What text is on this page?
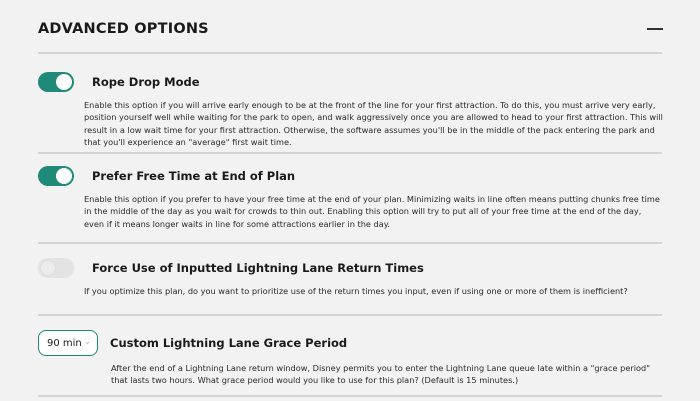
ADVANCED OPTIONS
Rope Drop Mode
Enable this option if you will arrive early enough to be at the front of the line for your first attraction. To do this, you must arrive very early, position yourself well while waiting for the park to open, and walk aggressively once you are allowed to head to your first attraction. This will result in a low wait time for your first attraction. Otherwise, the software assumes you'll be in the middle of the pack entering the park and that you'll experience an "average" first wait time.
Prefer Free Time at End of Plan
Enable this option if you prefer to have your free time at the end of your plan. Minimizing waits in line often means putting chunks free time in the middle of the day as you wait for crowds to thin out. Enabling this option will try to put all of your free time at the end of the day, even if it means longer waits in line for some attractions earlier in the day.
Force Use of Inputted Lightning Lane Return Times
If you optimize this plan, do you want to prioritize use of the return times you input, even if using one or more of them is inefficient?
90 min Custom Lightning Lane Grace Period
After the end of a Lightning Lane return window, Disney permits you to enter the Lightning Lane queue late within a "grace period" that lasts two hours. What grace period would you like to use for this plan? (Default is 15 minutes.)
